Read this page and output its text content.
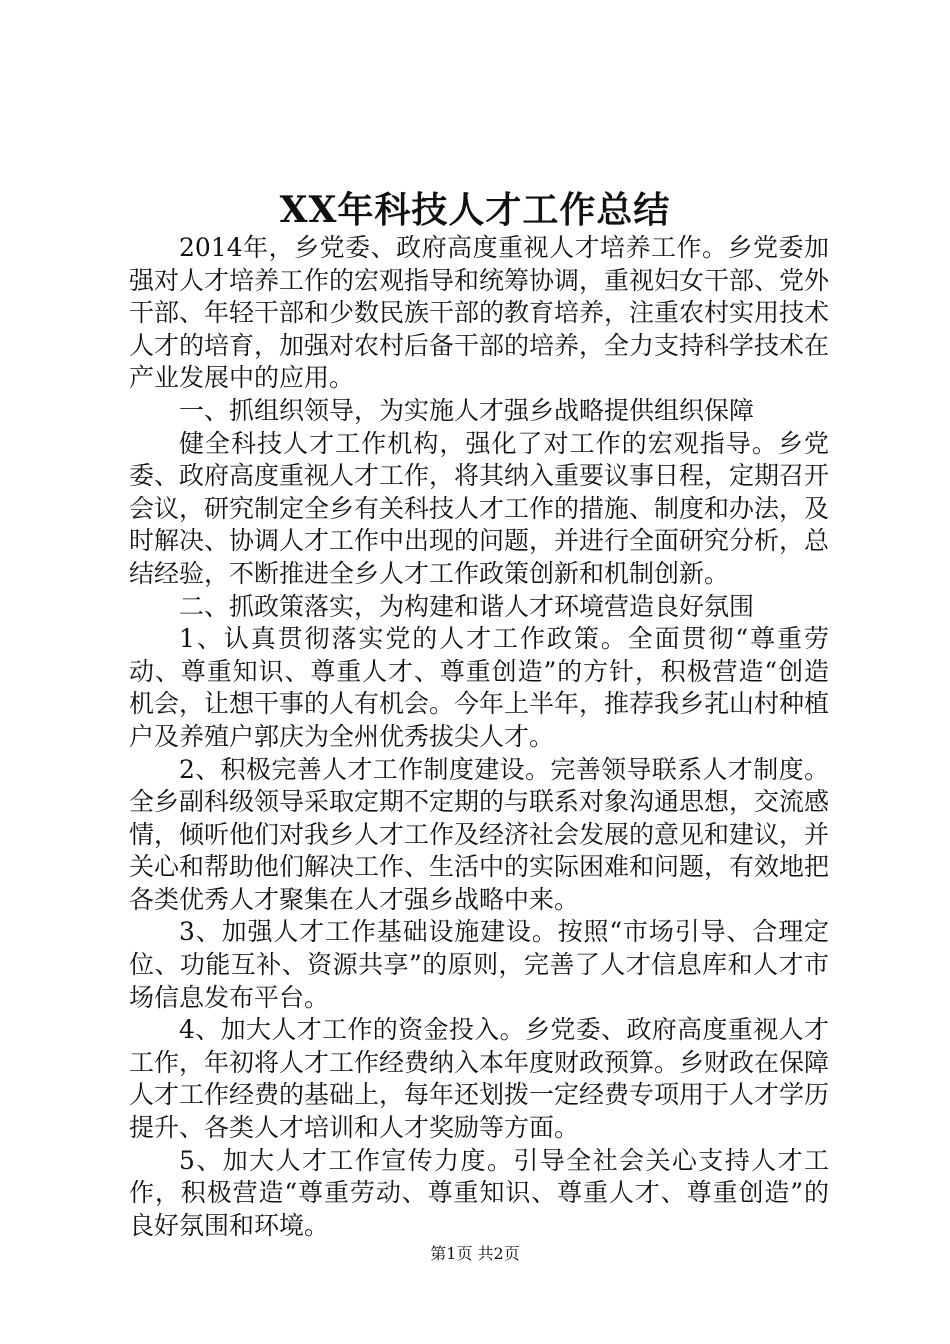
XX年科技人才工作总结

2014年，乡党委、政府高度重视人才培养工作。乡党委加强对人才培养工作的宏观指导和统筹协调，重视妇女干部、党外干部、年轻干部和少数民族干部的教育培养，注重农村实用技术人才的培育，加强对农村后备干部的培养，全力支持科学技术在产业发展中的应用。

一、抓组织领导，为实施人才强乡战略提供组织保障

健全科技人才工作机构，强化了对工作的宏观指导。乡党委、政府高度重视人才工作，将其纳入重要议事日程，定期召开会议，研究制定全乡有关科技人才工作的措施、制度和办法，及时解决、协调人才工作中出现的问题，并进行全面研究分析，总结经验，不断推进全乡人才工作政策创新和机制创新。

二、抓政策落实，为构建和谐人才环境营造良好氛围

1、认真贯彻落实党的人才工作政策。全面贯彻“尊重劳动、尊重知识、尊重人才、尊重创造”的方针，积极营造“创造机会，让想干事的人有机会。今年上半年，推荐我乡芤山村种植户及养殖户郭庆为全州优秀拔尖人才。

2、积极完善人才工作制度建设。完善领导联系人才制度。全乡副科级领导采取定期不定期的与联系对象沟通思想，交流感情，倾听他们对我乡人才工作及经济社会发展的意见和建议，并关心和帮助他们解决工作、生活中的实际困难和问题，有效地把各类优秀人才聚集在人才强乡战略中来。

3、加强人才工作基础设施建设。按照“市场引导、合理定位、功能互补、资源共享”的原则，完善了人才信息库和人才市场信息发布平台。

4、加大人才工作的资金投入。乡党委、政府高度重视人才工作，年初将人才工作经费纳入本年度财政预算。乡财政在保障人才工作经费的基础上，每年还划拨一定经费专项用于人才学历提升、各类人才培训和人才奖励等方面。

5、加大人才工作宣传力度。引导全社会关心支持人才工作，积极营造“尊重劳动、尊重知识、尊重人才、尊重创造”的良好氛围和环境。

第1页 共2页
